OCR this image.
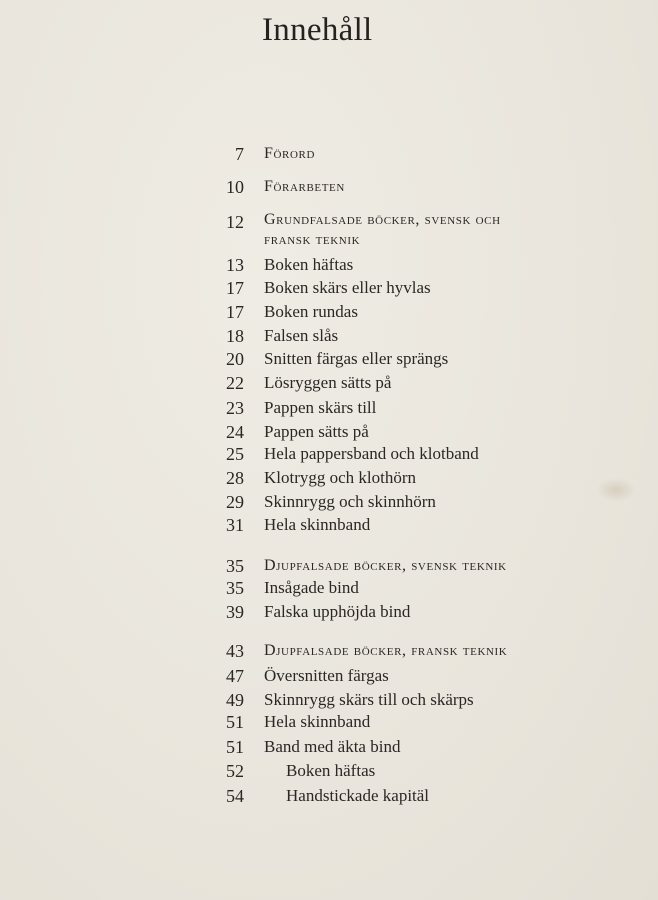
Innehåll
7 Förord
10 Förarbeten
12 Grundfalsade böcker, svensk och
fransk teknik
13 Boken häftas
17 Boken skärs eller hyvlas
17 Boken rundas
18 Falsen slås
20 Snitten färgas eller sprängs
22 Lösryggen sätts på
23 Pappen skärs till
24 Pappen sätts på
25 Hela pappersband och klotband
28 Klotrygg och klothörn
29 Skinnrygg och skinnhörn
31 Hela skinnband
35 Djupfalsade böcker, svensk teknik
35 Insågade bind
39 Falska upphöjda bind
43 Djupfalsade böcker, fransk teknik
47 Översnitten färgas
49 Skinnrygg skärs till och skärps
51 Hela skinnband
51 Band med äkta bind
52 Boken häftas
54 Handstickade kapitäl
